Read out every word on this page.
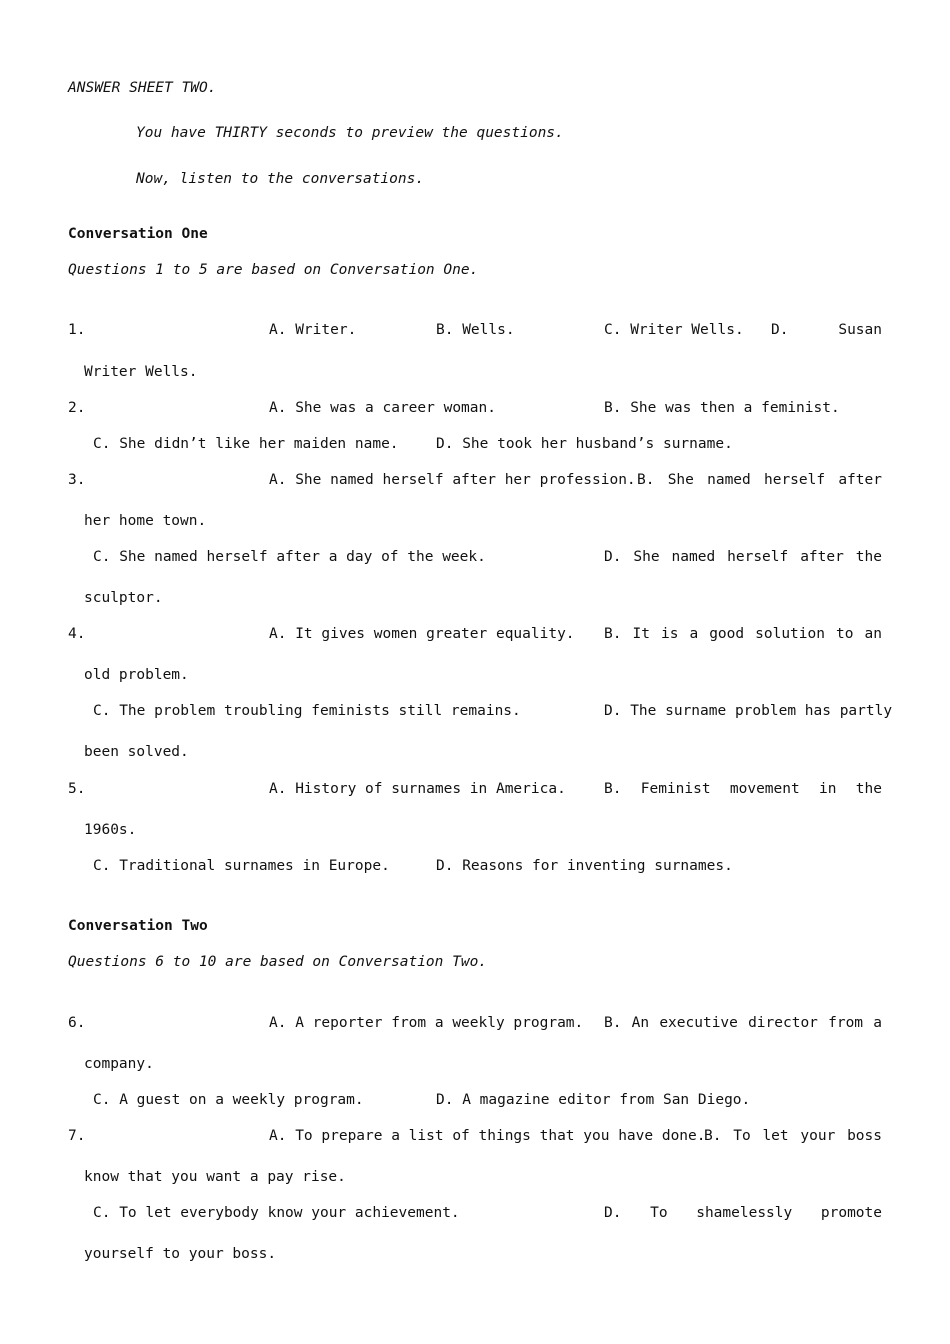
ANSWER SHEET TWO.
You have THIRTY seconds to preview the questions.
Now, listen to the conversations.
Conversation One
Questions 1 to 5 are based on Conversation One.
1.	A. Writer.	B. Wells.	C. Writer Wells. D.	Susan
Writer Wells.
2.	A. She was a career woman.	B. She was then a feminist.
C. She didn’t like her maiden name.	D. She took her husband’s surname.
3.	A. She named herself after her profession. B. She named herself after
her home town.
C. She named herself after a day of the week.	D. She named herself after the
sculptor.
4.	A. It gives women greater equality. B. It is a good solution to an
old problem.
C. The problem troubling feminists still remains.	D. The surname problem has partly
been solved.
5.	A. History of surnames in America.	B. Feminist movement in the
1960s.
C. Traditional surnames in Europe.	D. Reasons for inventing surnames.
Conversation Two
Questions 6 to 10 are based on Conversation Two.
6.	A. A reporter from a weekly program. B. An executive director from a
company.
C. A guest on a weekly program.	D. A magazine editor from San Diego.
7.	A. To prepare a list of things that you have done.
B. To let your boss
know that you want a pay rise.
C. To let everybody know your achievement.	D. To shamelessly promote
yourself to your boss.
